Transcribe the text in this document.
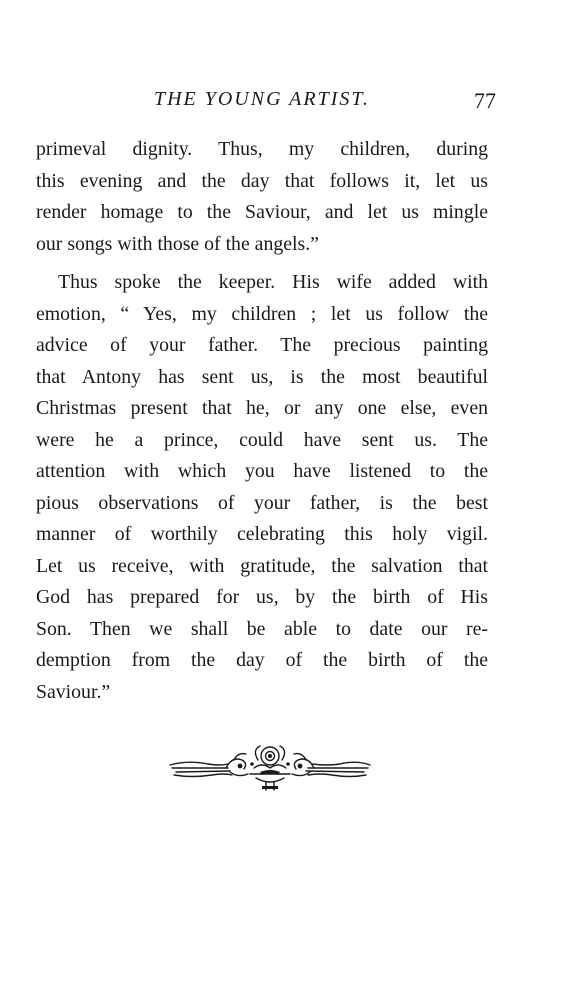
THE YOUNG ARTIST.	77
primeval dignity. Thus, my children, during
this evening and the day that follows it, let us
render homage to the Saviour, and let us mingle
our songs with those of the angels.”
Thus spoke the keeper. His wife added with
emotion, “ Yes, my children ; let us follow the
advice of your father. The precious painting
that Antony has sent us, is the most beautiful
Christmas present that he, or any one else, even
were he a prince, could have sent us. The
attention with which you have listened to the
pious observations of your father, is the best
manner of worthily celebrating this holy vigil.
Let us receive, with gratitude, the salvation that
God has prepared for us, by the birth of His
Son. Then we shall be able to date our re-
demption from the day of the birth of the
Saviour.”
